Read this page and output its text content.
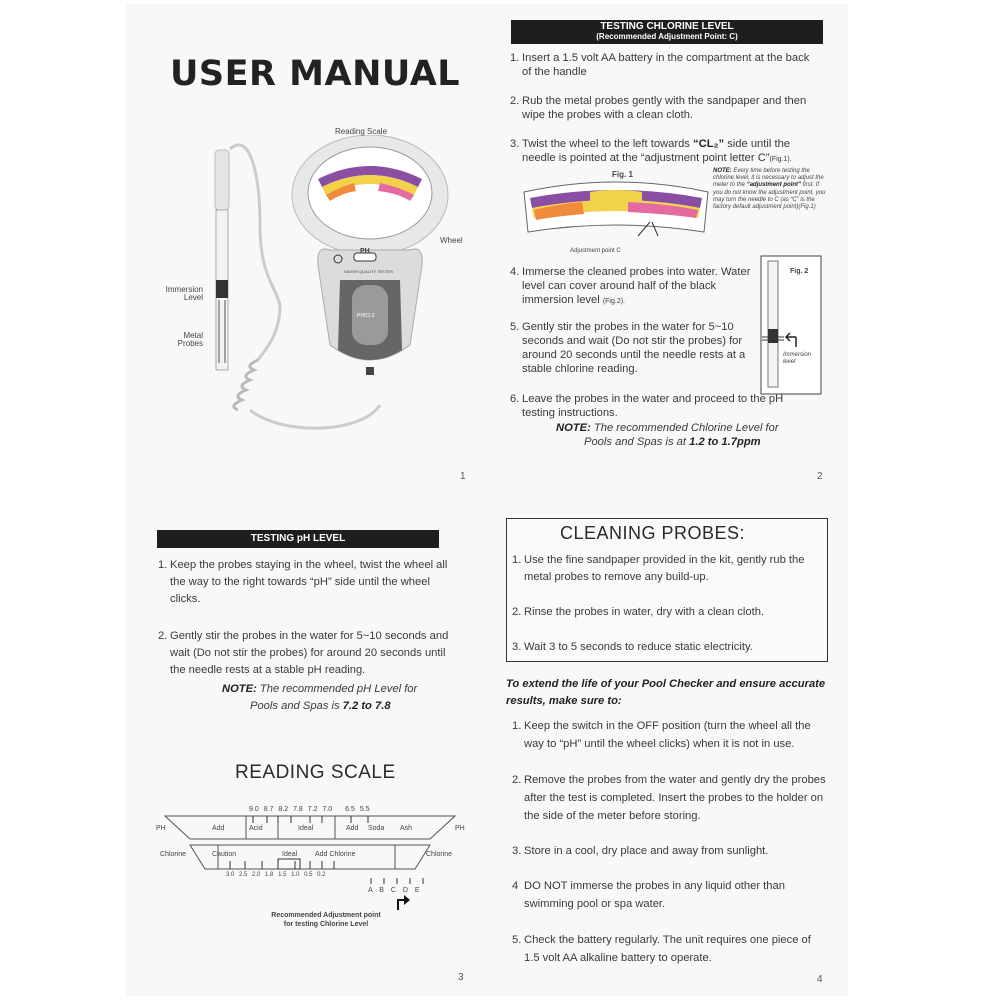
USER MANUAL
Reading Scale
Wheel
PH
WATER QUALITY TESTER
PH/CL2
Immersion Level
Metal Probes
1
TESTING CHLORINE LEVEL
(Recommended Adjustment Point: C)
1. Insert a 1.5 volt AA battery in the compartment at the back of the handle
2. Rub the metal probes gently with the sandpaper and then wipe the probes with a clean cloth.
3. Twist the wheel to the left towards “CL₂” side until the needle is pointed at the “adjustment point letter C”(Fig.1).
Fig. 1
Adjustment point C
NOTE: Every time before testing the chlorine level, it is necessary to adjust the meter to the “adjustment point” first. If you do not know the adjustment point, you may turn the needle to C (as “C” is the factory default adjustment point)(Fig.1)
4. Immerse the cleaned probes into water. Water level can cover around half of the black immersion level (Fig.2).
Fig. 2
Immersion level
5. Gently stir the probes in the water for 5~10 seconds and wait (Do not stir the probes) for around 20 seconds until the needle rests at a stable chlorine reading.
6. Leave the probes in the water and proceed to the pH testing instructions.
NOTE: The recommended Chlorine Level for
Pools and Spas is at 1.2 to 1.7ppm
2
TESTING pH LEVEL
1. Keep the probes staying in the wheel, twist the wheel all the way to the right towards “pH” side until the wheel clicks.
2. Gently stir the probes in the water for 5~10 seconds and wait (Do not stir the probes) for around 20 seconds until the needle rests at a stable pH reading.
NOTE: The recommended pH Level for
Pools and Spas is 7.2 to 7.8
READING SCALE
9.0 8.7 8.2 7.8 7.2 7.0 6.5 5.5
PH	PH
Add	Acid	Ideal	Add Soda Ash
Chlorine	Chlorine
Caution	Ideal	Add Chlorine
3.0 2.5 2.0 1.8 1.5 1.0 0.5 0.2
A B C D E
Recommended Adjustment point
for testing Chlorine Level
3
CLEANING PROBES:
1. Use the fine sandpaper provided in the kit, gently rub the metal probes to remove any build-up.
2. Rinse the probes in water, dry with a clean cloth.
3. Wait 3 to 5 seconds to reduce static electricity.
To extend the life of your Pool Checker and ensure accurate results, make sure to:
1. Keep the switch in the OFF position (turn the wheel all the way to “pH” until the wheel clicks) when it is not in use.
2. Remove the probes from the water and gently dry the probes after the test is completed. Insert the probes to the holder on the side of the meter before storing.
3. Store in a cool, dry place and away from sunlight.
4 DO NOT immerse the probes in any liquid other than swimming pool or spa water.
5. Check the battery regularly. The unit requires one piece of 1.5 volt AA alkaline battery to operate.
4
